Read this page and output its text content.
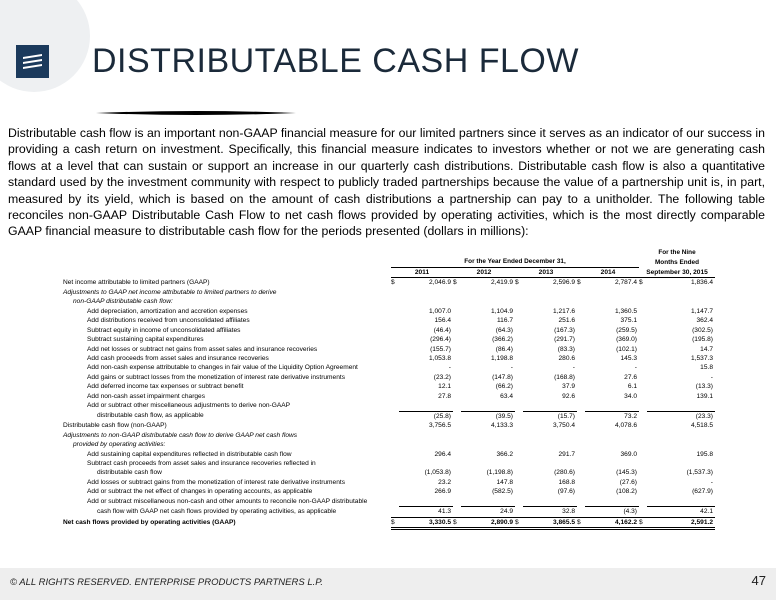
DISTRIBUTABLE CASH FLOW

Distributable cash flow is an important non-GAAP financial measure for our limited partners since it serves as an indicator of our success in providing a cash return on investment. Specifically, this financial measure indicates to investors whether or not we are generating cash flows at a level that can sustain or support an increase in our quarterly cash distributions. Distributable cash flow is also a quantitative standard used by the investment community with respect to publicly traded partnerships because the value of a partnership unit is, in part, measured by its yield, which is based on the amount of cash distributions a partnership can pay to a unitholder. The following table reconciles non-GAAP Distributable Cash Flow to net cash flows provided by operating activities, which is the most directly comparable GAAP financial measure to distributable cash flow for the periods presented (dollars in millions):

									For the Nine	
	For the Year Ended December 31,								Months Ended	
	2011		2012		2013		2014		September 30, 2015	
Net income attributable to limited partners (GAAP)	$	2,046.9	$	2,419.9	$	2,596.9	$	2,787.4	$	1,836.4
Adjustments to GAAP net income attributable to limited partners to derive										
non-GAAP distributable cash flow:										
Add depreciation, amortization and accretion expenses		1,007.0		1,104.9		1,217.6		1,360.5		1,147.7
Add distributions received from unconsolidated affiliates		156.4		116.7		251.6		375.1		362.4
Subtract equity in income of unconsolidated affiliates		(46.4)		(64.3)		(167.3)		(259.5)		(302.5)
Subtract sustaining capital expenditures		(296.4)		(366.2)		(291.7)		(369.0)		(195.8)
Add net losses or subtract net gains from asset sales and insurance recoveries		(155.7)		(86.4)		(83.3)		(102.1)		14.7
Add cash proceeds from asset sales and insurance recoveries		1,053.8		1,198.8		280.6		145.3		1,537.3
Add non-cash expense attributable to changes in fair value of the Liquidity Option Agreement		-		-		-		-		15.8
Add gains or subtract losses from the monetization of interest rate derivative instruments		(23.2)		(147.8)		(168.8)		27.6		-
Add deferred income tax expenses or subtract benefit		12.1		(66.2)		37.9		6.1		(13.3)
Add non-cash asset impairment charges		27.8		63.4		92.6		34.0		139.1
Add or subtract other miscellaneous adjustments to derive non-GAAP										
distributable cash flow, as applicable		(25.8)		(39.5)		(15.7)		73.2		(23.3)
Distributable cash flow (non-GAAP)		3,756.5		4,133.3		3,750.4		4,078.6		4,518.5
Adjustments to non-GAAP distributable cash flow to derive GAAP net cash flows										
provided by operating activities:										
Add sustaining capital expenditures reflected in distributable cash flow		296.4		366.2		291.7		369.0		195.8
Subtract cash proceeds from asset sales and insurance recoveries reflected in										
distributable cash flow		(1,053.8)		(1,198.8)		(280.6)		(145.3)		(1,537.3)
Add losses or subtract gains from the monetization of interest rate derivative instruments		23.2		147.8		168.8		(27.6)		-
Add or subtract the net effect of changes in operating accounts, as applicable		266.9		(582.5)		(97.6)		(108.2)		(627.9)
Add or subtract miscellaneous non-cash and other amounts to reconcile non-GAAP distributable										
cash flow with GAAP net cash flows provided by operating activities, as applicable		41.3		24.9		32.8		(4.3)		42.1
Net cash flows provided by operating activities (GAAP)	$	3,330.5	$	2,890.9	$	3,865.5	$	4,162.2	$	2,591.2
© ALL RIGHTS RESERVED. ENTERPRISE PRODUCTS PARTNERS L.P.	47
